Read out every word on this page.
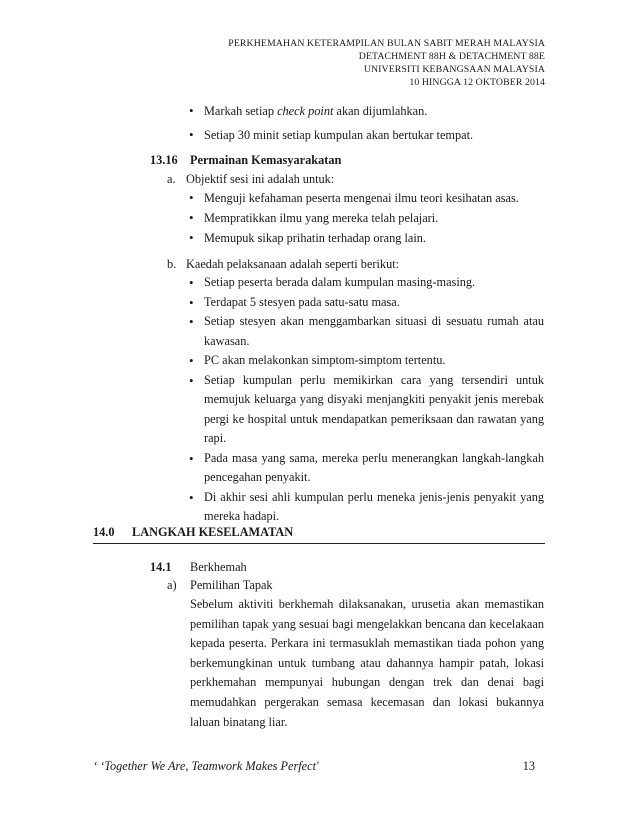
PERKHEMAHAN KETERAMPILAN BULAN SABIT MERAH MALAYSIA
DETACHMENT 88H & DETACHMENT 88E
UNIVERSITI KEBANGSAAN MALAYSIA
10 HINGGA 12 OKTOBER 2014
• Markah setiap check point akan dijumlahkan.
• Setiap 30 minit setiap kumpulan akan bertukar tempat.
13.16 Permainan Kemasyarakatan
a. Objektif sesi ini adalah untuk:
• Menguji kefahaman peserta mengenai ilmu teori kesihatan asas.
• Mempratikkan ilmu yang mereka telah pelajari.
• Memupuk sikap prihatin terhadap orang lain.
b. Kaedah pelaksanaan adalah seperti berikut:
• Setiap peserta berada dalam kumpulan masing-masing.
• Terdapat 5 stesyen pada satu-satu masa.
• Setiap stesyen akan menggambarkan situasi di sesuatu rumah atau kawasan.
• PC akan melakonkan simptom-simptom tertentu.
• Setiap kumpulan perlu memikirkan cara yang tersendiri untuk memujuk keluarga yang disyaki menjangkiti penyakit jenis merebak pergi ke hospital untuk mendapatkan pemeriksaan dan rawatan yang rapi.
• Pada masa yang sama, mereka perlu menerangkan langkah-langkah pencegahan penyakit.
• Di akhir sesi ahli kumpulan perlu meneka jenis-jenis penyakit yang mereka hadapi.
14.0 LANGKAH KESELAMATAN
14.1 Berkhemah
a) Pemilihan Tapak
Sebelum aktiviti berkhemah dilaksanakan, urusetia akan memastikan pemilihan tapak yang sesuai bagi mengelakkan bencana dan kecelakaan kepada peserta. Perkara ini termasuklah memastikan tiada pohon yang berkemungkinan untuk tumbang atau dahannya hampir patah, lokasi perkhemahan mempunyai hubungan dengan trek dan denai bagi memudahkan pergerakan semasa kecemasan dan lokasi bukannya laluan binatang liar.
‘ ‘Together We Are, Teamwork Makes Perfect'	13
